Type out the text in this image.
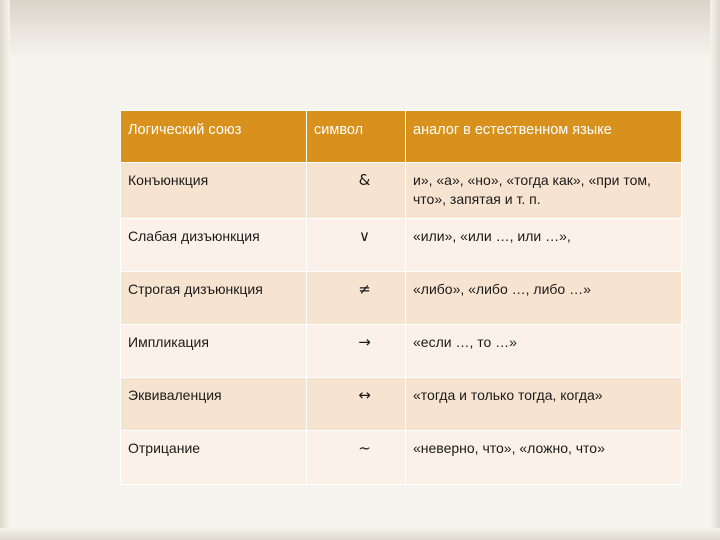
Логический союз	символ	аналог в естественном языке
Конъюнкция	&	и», «а», «но», «тогда как», «при том, что», запятая и т. п.
Слабая дизъюнкция	∨	«или», «или …, или …»,
Строгая дизъюнкция	≠	«либо», «либо …, либо …»
Импликация	→	«если …, то …»
Эквиваленция	↔	«тогда и только тогда, когда»
Отрицание	~	«неверно, что», «ложно, что»
